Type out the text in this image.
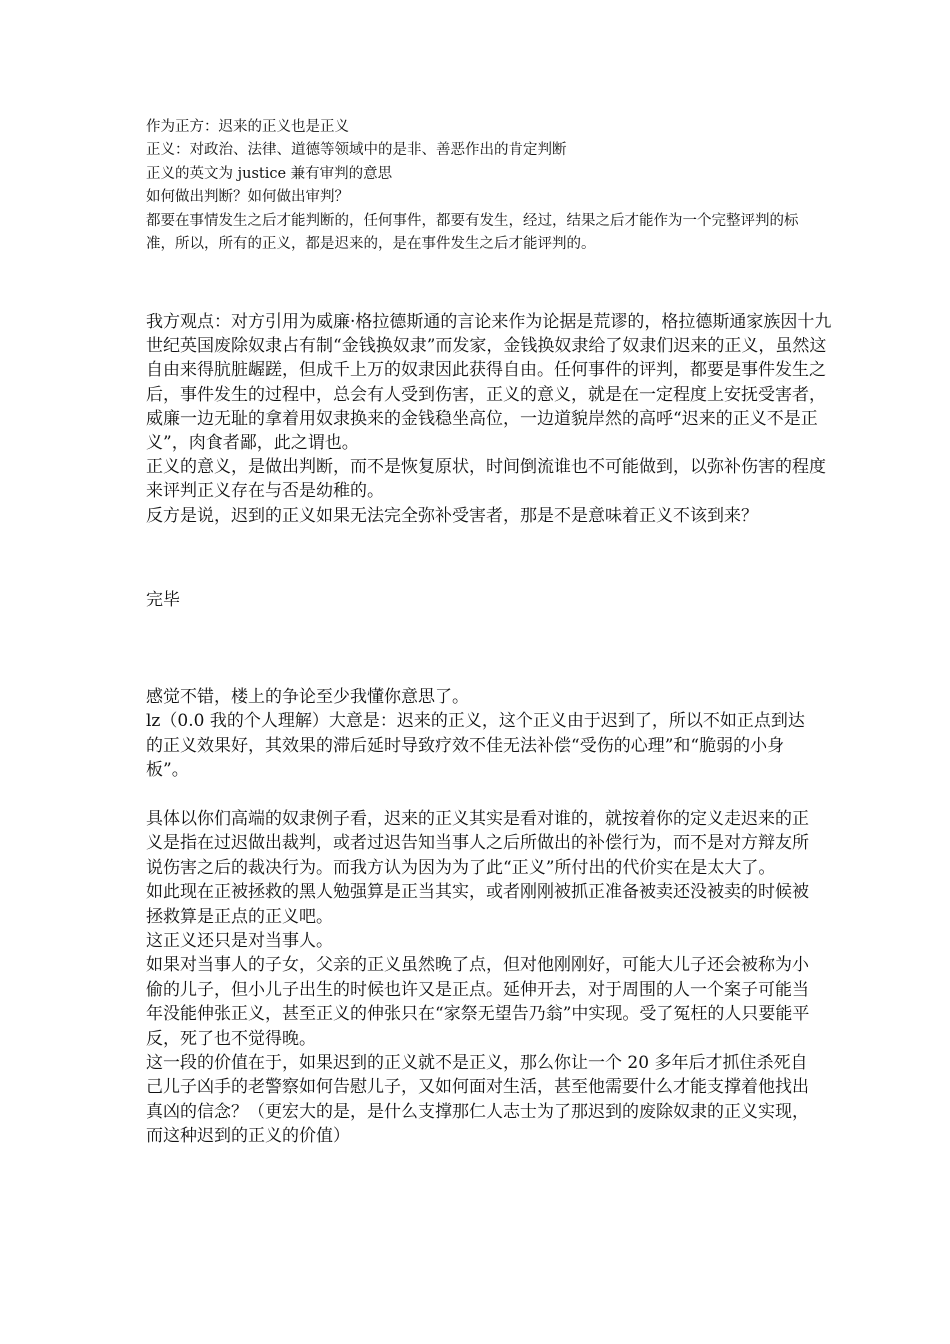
作为正方：迟来的正义也是正义

正义：对政治、法律、道德等领域中的是非、善恶作出的肯定判断

正义的英文为 justice 兼有审判的意思

如何做出判断？如何做出审判？

都要在事情发生之后才能判断的，任何事件，都要有发生，经过，结果之后才能作为一个完整评判的标准，所以，所有的正义，都是迟来的，是在事件发生之后才能评判的。

我方观点：对方引用为威廉·格拉德斯通的言论来作为论据是荒谬的，格拉德斯通家族因十九世纪英国废除奴隶占有制“金钱换奴隶”而发家，金钱换奴隶给了奴隶们迟来的正义，虽然这自由来得肮脏龌蹉，但成千上万的奴隶因此获得自由。任何事件的评判，都要是事件发生之后，事件发生的过程中，总会有人受到伤害，正义的意义，就是在一定程度上安抚受害者，威廉一边无耻的拿着用奴隶换来的金钱稳坐高位，一边道貌岸然的高呼“迟来的正义不是正义”，肉食者鄙，此之谓也。

正义的意义，是做出判断，而不是恢复原状，时间倒流谁也不可能做到，以弥补伤害的程度来评判正义存在与否是幼稚的。

反方是说，迟到的正义如果无法完全弥补受害者，那是不是意味着正义不该到来？

完毕

感觉不错，楼上的争论至少我懂你意思了。

lz（0.0 我的个人理解）大意是：迟来的正义，这个正义由于迟到了，所以不如正点到达的正义效果好，其效果的滞后延时导致疗效不佳无法补偿“受伤的心理”和“脆弱的小身板”。

具体以你们高端的奴隶例子看，迟来的正义其实是看对谁的，就按着你的定义走迟来的正义是指在过迟做出裁判，或者过迟告知当事人之后所做出的补偿行为，而不是对方辩友所说伤害之后的裁决行为。而我方认为因为为了此“正义”所付出的代价实在是太大了。

如此现在正被拯救的黑人勉强算是正当其实，或者刚刚被抓正准备被卖还没被卖的时候被拯救算是正点的正义吧。

这正义还只是对当事人。

如果对当事人的子女，父亲的正义虽然晚了点，但对他刚刚好，可能大儿子还会被称为小偷的儿子，但小儿子出生的时候也许又是正点。延伸开去，对于周围的人一个案子可能当年没能伸张正义，甚至正义的伸张只在“家祭无望告乃翁”中实现。受了冤枉的人只要能平反，死了也不觉得晚。

这一段的价值在于，如果迟到的正义就不是正义，那么你让一个 20 多年后才抓住杀死自己儿子凶手的老警察如何告慰儿子，又如何面对生活，甚至他需要什么才能支撑着他找出真凶的信念？（更宏大的是，是什么支撑那仁人志士为了那迟到的废除奴隶的正义实现，而这种迟到的正义的价值）
